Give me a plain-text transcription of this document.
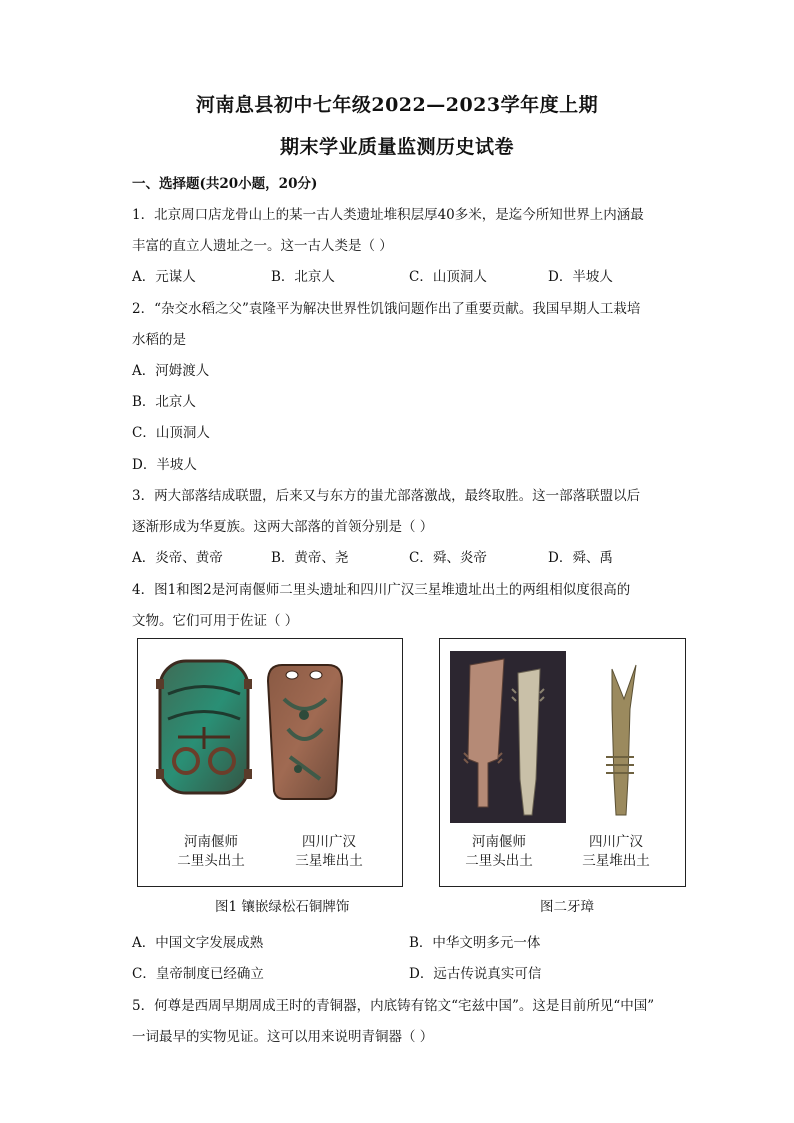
河南息县初中七年级2022—2023学年度上期
期末学业质量监测历史试卷
一、选择题(共20小题，20分)
1．北京周口店龙骨山上的某一古人类遗址堆积层厚40多米，是迄今所知世界上内涵最
丰富的直立人遗址之一。这一古人类是（ ）
A．元谋人	B．北京人	C．山顶洞人	D．半坡人
2．“杂交水稻之父”袁隆平为解决世界性饥饿问题作出了重要贡献。我国早期人工栽培
水稻的是
A．河姆渡人
B．北京人
C．山顶洞人
D．半坡人
3．两大部落结成联盟，后来又与东方的蚩尤部落激战，最终取胜。这一部落联盟以后
逐渐形成为华夏族。这两大部落的首领分别是（ ）
A．炎帝、黄帝	B．黄帝、尧	C．舜、炎帝	D．舜、禹
4．图1和图2是河南偃师二里头遗址和四川广汉三星堆遗址出土的两组相似度很高的
文物。它们可用于佐证（ ）
河南偃师
二里头出土
四川广汉
三星堆出土
图1 镶嵌绿松石铜牌饰
河南偃师
二里头出土
四川广汉
三星堆出土
图二牙璋
A．中国文字发展成熟	B．中华文明多元一体
C．皇帝制度已经确立	D．远古传说真实可信
5．何尊是西周早期周成王时的青铜器，内底铸有铭文“宅兹中国”。这是目前所见“中国”
一词最早的实物见证。这可以用来说明青铜器（ ）
